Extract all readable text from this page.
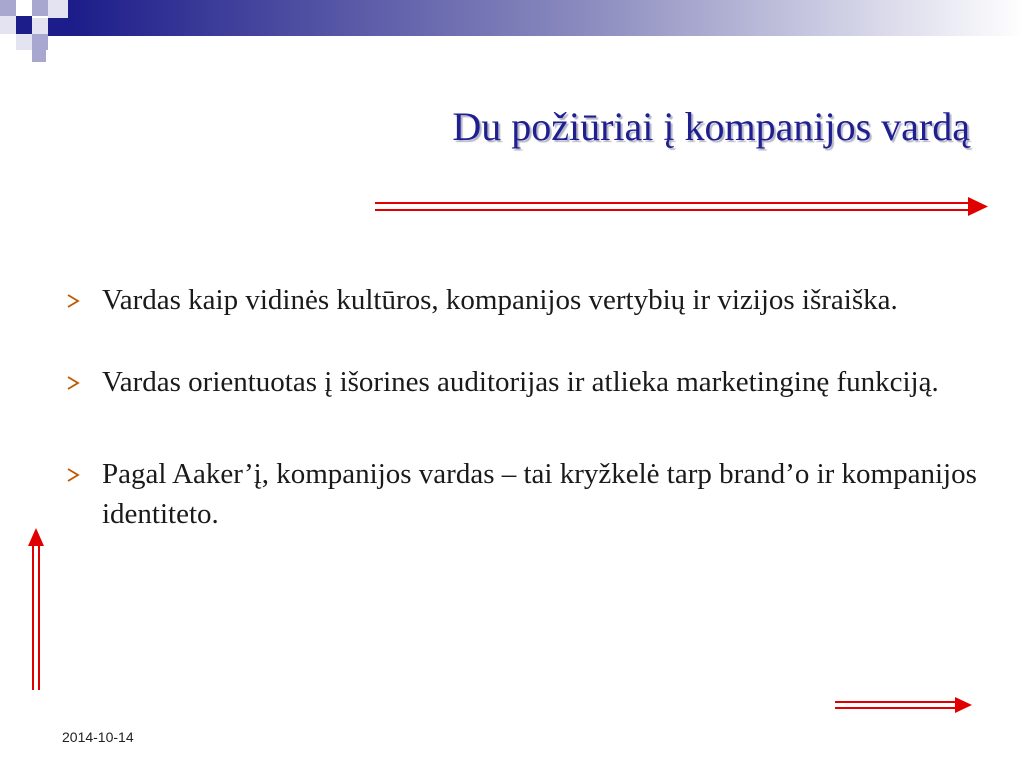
Du požiūriai į kompanijos vardą
Vardas kaip vidinės kultūros, kompanijos vertybių ir vizijos išraiška.
Vardas orientuotas į išorines auditorijas ir atlieka marketinginę funkciją.
Pagal Aaker’į, kompanijos vardas – tai kryžkelė tarp brand’o ir kompanijos identiteto.
2014-10-14
